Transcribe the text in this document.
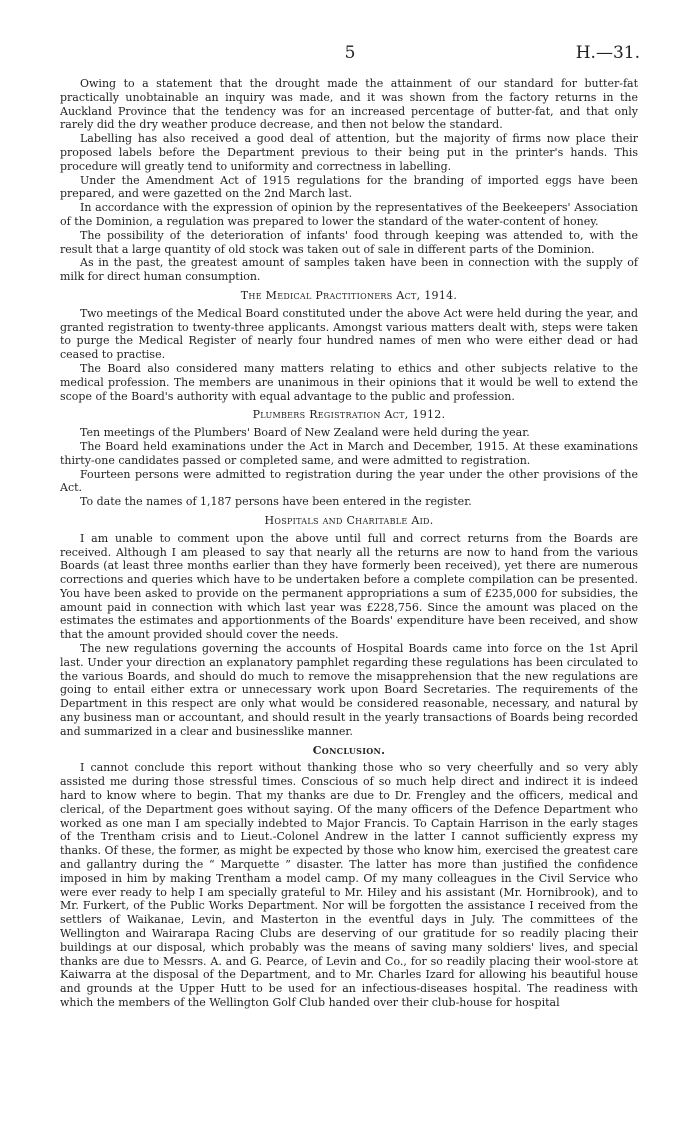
5	H.—31.

Owing to a statement that the drought made the attainment of our standard for butter-fat practically unobtainable an inquiry was made, and it was shown from the factory returns in the Auckland Province that the tendency was for an increased percentage of butter-fat, and that only rarely did the dry weather produce decrease, and then not below the standard.

Labelling has also received a good deal of attention, but the majority of firms now place their proposed labels before the Department previous to their being put in the printer's hands. This procedure will greatly tend to uniformity and correctness in labelling.

Under the Amendment Act of 1915 regulations for the branding of imported eggs have been prepared, and were gazetted on the 2nd March last.

In accordance with the expression of opinion by the representatives of the Beekeepers' Association of the Dominion, a regulation was prepared to lower the standard of the water-content of honey.

The possibility of the deterioration of infants' food through keeping was attended to, with the result that a large quantity of old stock was taken out of sale in different parts of the Dominion.

As in the past, the greatest amount of samples taken have been in connection with the supply of milk for direct human consumption.

The Medical Practitioners Act, 1914.

Two meetings of the Medical Board constituted under the above Act were held during the year, and granted registration to twenty-three applicants. Amongst various matters dealt with, steps were taken to purge the Medical Register of nearly four hundred names of men who were either dead or had ceased to practise.

The Board also considered many matters relating to ethics and other subjects relative to the medical profession. The members are unanimous in their opinions that it would be well to extend the scope of the Board's authority with equal advantage to the public and profession.

Plumbers Registration Act, 1912.

Ten meetings of the Plumbers' Board of New Zealand were held during the year.

The Board held examinations under the Act in March and December, 1915. At these examinations thirty-one candidates passed or completed same, and were admitted to registration.

Fourteen persons were admitted to registration during the year under the other provisions of the Act.

To date the names of 1,187 persons have been entered in the register.

Hospitals and Charitable Aid.

I am unable to comment upon the above until full and correct returns from the Boards are received. Although I am pleased to say that nearly all the returns are now to hand from the various Boards (at least three months earlier than they have formerly been received), yet there are numerous corrections and queries which have to be undertaken before a complete compilation can be presented. You have been asked to provide on the permanent appropriations a sum of £235,000 for subsidies, the amount paid in connection with which last year was £228,756. Since the amount was placed on the estimates the estimates and apportionments of the Boards' expenditure have been received, and show that the amount provided should cover the needs.

The new regulations governing the accounts of Hospital Boards came into force on the 1st April last. Under your direction an explanatory pamphlet regarding these regulations has been circulated to the various Boards, and should do much to remove the misapprehension that the new regulations are going to entail either extra or unnecessary work upon Board Secretaries. The requirements of the Department in this respect are only what would be considered reasonable, necessary, and natural by any business man or accountant, and should result in the yearly transactions of Boards being recorded and summarized in a clear and businesslike manner.

Conclusion.

I cannot conclude this report without thanking those who so very cheerfully and so very ably assisted me during those stressful times. Conscious of so much help direct and indirect it is indeed hard to know where to begin. That my thanks are due to Dr. Frengley and the officers, medical and clerical, of the Department goes without saying. Of the many officers of the Defence Department who worked as one man I am specially indebted to Major Francis. To Captain Harrison in the early stages of the Trentham crisis and to Lieut.-Colonel Andrew in the latter I cannot sufficiently express my thanks. Of these, the former, as might be expected by those who know him, exercised the greatest care and gallantry during the “ Marquette ” disaster. The latter has more than justified the confidence imposed in him by making Trentham a model camp. Of my many colleagues in the Civil Service who were ever ready to help I am specially grateful to Mr. Hiley and his assistant (Mr. Hornibrook), and to Mr. Furkert, of the Public Works Department. Nor will be forgotten the assistance I received from the settlers of Waikanae, Levin, and Masterton in the eventful days in July. The committees of the Wellington and Wairarapa Racing Clubs are deserving of our gratitude for so readily placing their buildings at our disposal, which probably was the means of saving many soldiers' lives, and special thanks are due to Messrs. A. and G. Pearce, of Levin and Co., for so readily placing their wool-store at Kaiwarra at the disposal of the Department, and to Mr. Charles Izard for allowing his beautiful house and grounds at the Upper Hutt to be used for an infectious-diseases hospital. The readiness with which the members of the Wellington Golf Club handed over their club-house for hospital
